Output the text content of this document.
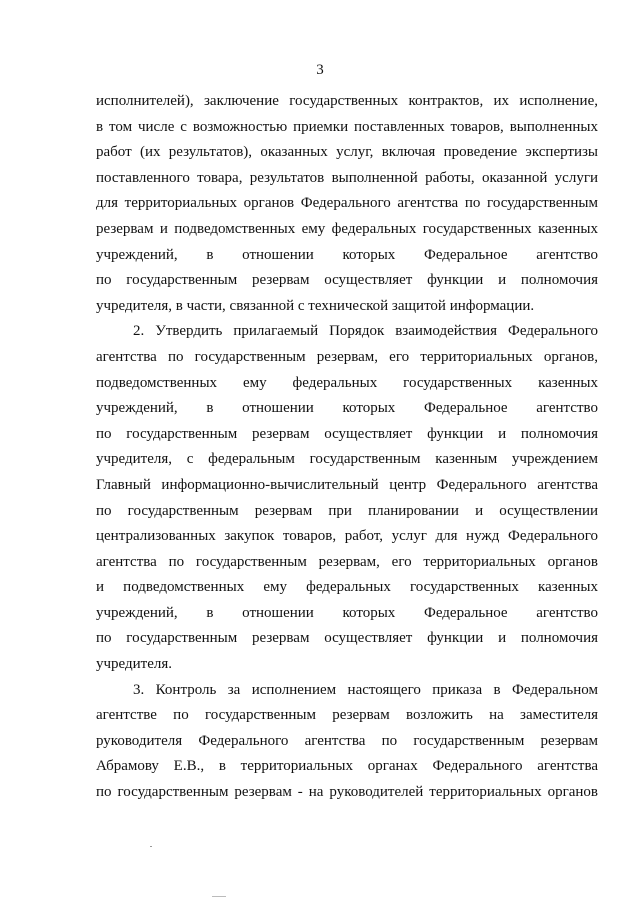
3
исполнителей), заключение государственных контрактов, их исполнение,
в том числе с возможностью приемки поставленных товаров, выполненных
работ (их результатов), оказанных услуг, включая проведение экспертизы
поставленного товара, результатов выполненной работы, оказанной услуги
для территориальных органов Федерального агентства по государственным
резервам и подведомственных ему федеральных государственных казенных
учреждений, в отношении которых Федеральное агентство
по государственным резервам осуществляет функции и полномочия
учредителя, в части, связанной с технической защитой информации.
2. Утвердить прилагаемый Порядок взаимодействия Федерального
агентства по государственным резервам, его территориальных органов,
подведомственных ему федеральных государственных казенных
учреждений, в отношении которых Федеральное агентство
по государственным резервам осуществляет функции и полномочия
учредителя, с федеральным государственным казенным учреждением
Главный информационно-вычислительный центр Федерального агентства
по государственным резервам при планировании и осуществлении
централизованных закупок товаров, работ, услуг для нужд Федерального
агентства по государственным резервам, его территориальных органов
и подведомственных ему федеральных государственных казенных
учреждений, в отношении которых Федеральное агентство
по государственным резервам осуществляет функции и полномочия
учредителя.
3. Контроль за исполнением настоящего приказа в Федеральном
агентстве по государственным резервам возложить на заместителя
руководителя Федерального агентства по государственным резервам
Абрамову Е.В., в территориальных органах Федерального агентства
по государственным резервам - на руководителей территориальных органов
